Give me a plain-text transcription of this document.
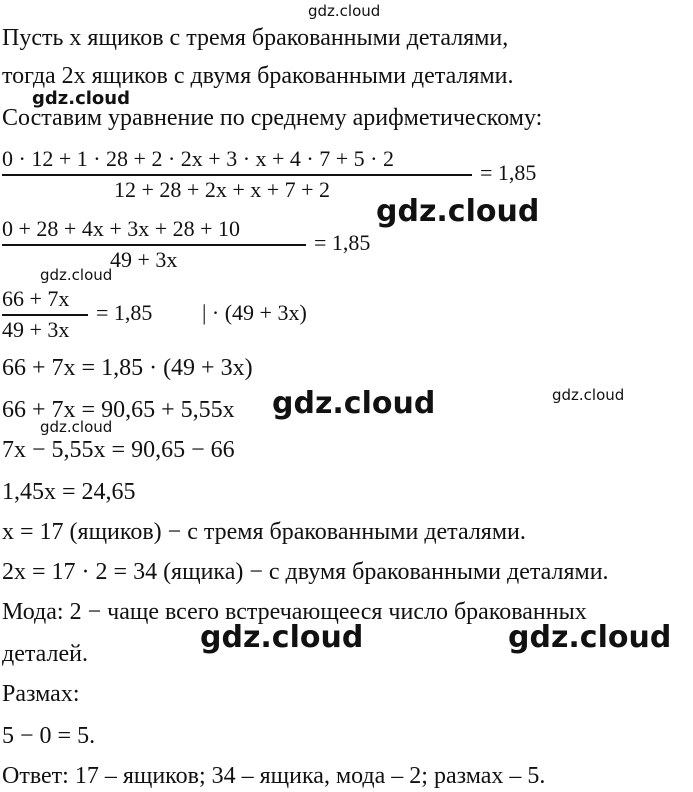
gdz.cloud
gdz.cloud
gdz.cloud
gdz.cloud
gdz.cloud	gdz.cloud
gdz.cloud
gdz.cloud	gdz.cloud
Пусть x ящиков с тремя бракованными деталями,
тогда 2x ящиков с двумя бракованными деталями.
Составим уравнение по среднему арифметическому:
0 · 12 + 1 · 28 + 2 · 2x + 3 · x + 4 · 7 + 5 · 2
12 + 28 + 2x + x + 7 + 2
= 1,85
0 + 28 + 4x + 3x + 28 + 10
49 + 3x
= 1,85
66 + 7x
49 + 3x
= 1,85 | · (49 + 3x)
66 + 7x = 1,85 · (49 + 3x)
66 + 7x = 90,65 + 5,55x
7x − 5,55x = 90,65 − 66
1,45x = 24,65
x = 17 (ящиков) − с тремя бракованными деталями.
2x = 17 · 2 = 34 (ящика) − с двумя бракованными деталями.
Мода: 2 − чаще всего встречающееся число бракованных
деталей.
Размах:
5 − 0 = 5.
Ответ: 17 – ящиков; 34 – ящика, мода – 2; размах – 5.
